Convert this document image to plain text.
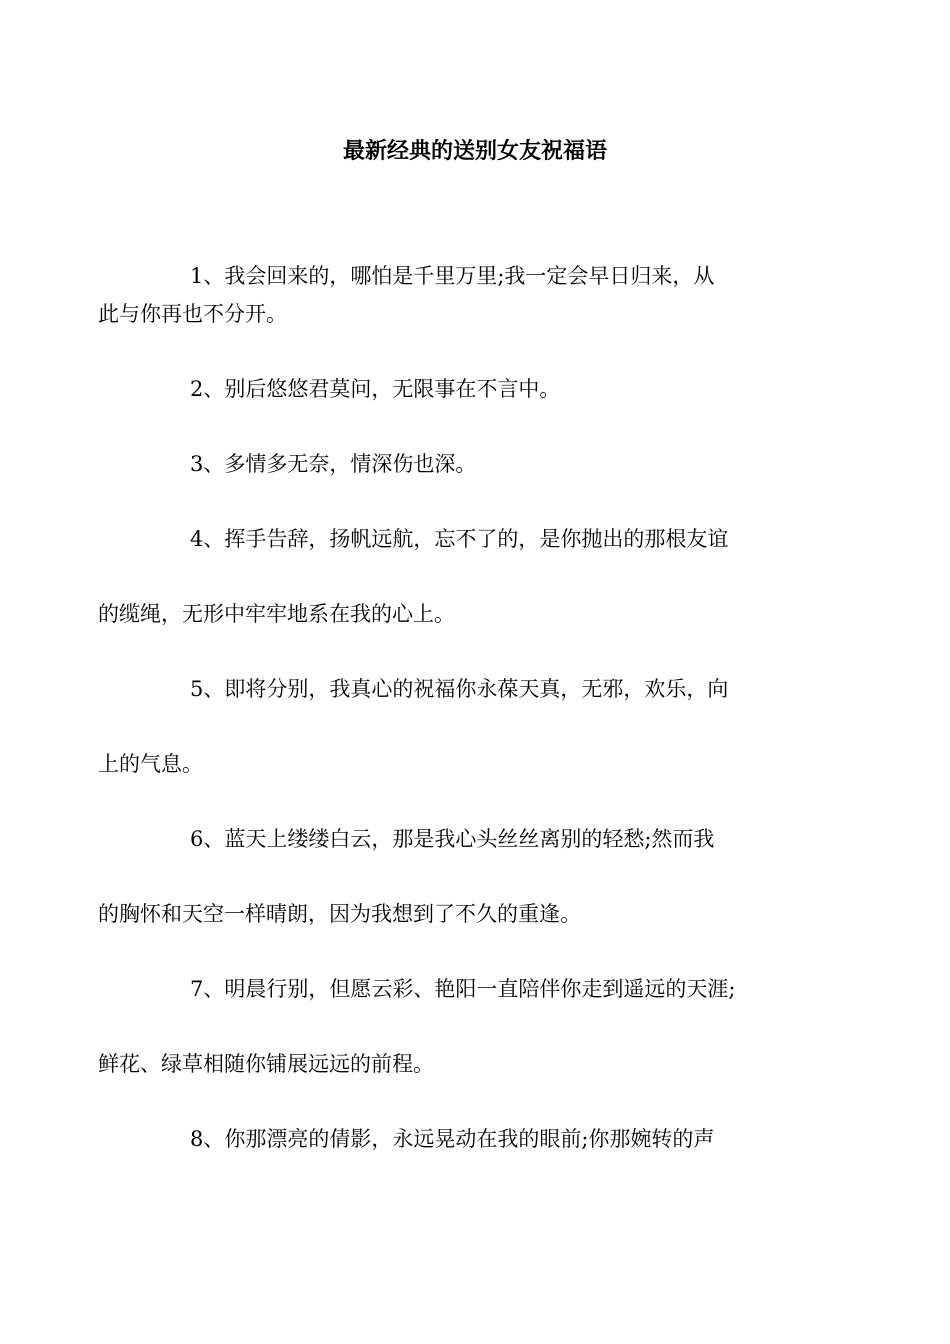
最新经典的送别女友祝福语

1、我会回来的，哪怕是千里万里;我一定会早日归来，从
此与你再也不分开。

2、别后悠悠君莫问，无限事在不言中。

3、多情多无奈，情深伤也深。

4、挥手告辞，扬帆远航，忘不了的，是你抛出的那根友谊
的缆绳，无形中牢牢地系在我的心上。

5、即将分别，我真心的祝福你永葆天真，无邪，欢乐，向
上的气息。

6、蓝天上缕缕白云，那是我心头丝丝离别的轻愁;然而我
的胸怀和天空一样晴朗，因为我想到了不久的重逢。

7、明晨行别，但愿云彩、艳阳一直陪伴你走到遥远的天涯;
鲜花、绿草相随你铺展远远的前程。

8、你那漂亮的倩影，永远晃动在我的眼前;你那婉转的声
